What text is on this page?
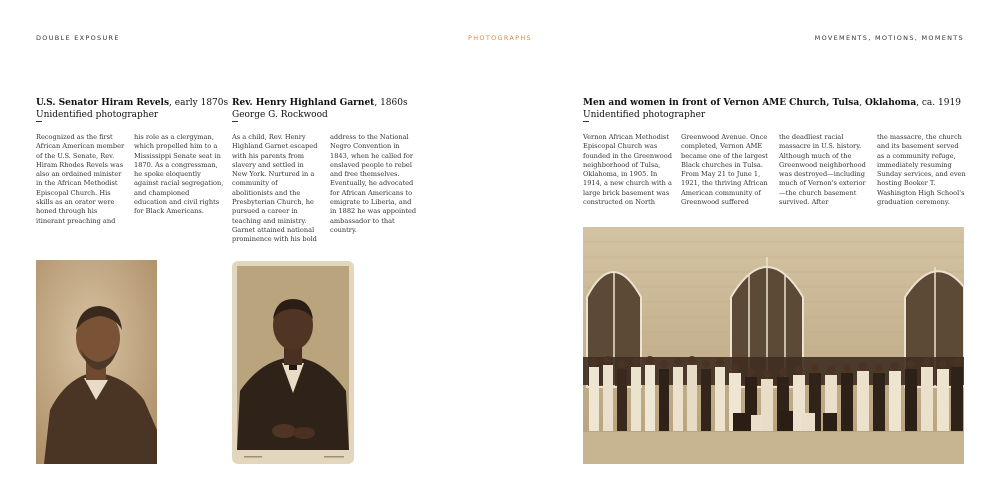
DOUBLE EXPOSURE	PHOTOGRAPHS	MOVEMENTS, MOTIONS, MOMENTS
U.S. Senator Hiram Revels, early 1870s
Unidentified photographer

Recognized as the first African American member of the U.S. Senate, Rev. Hiram Rhodes Revels was also an ordained minister in the African Methodist Episcopal Church. His skills as an orator were honed through his itinerant preaching and

his role as a clergyman, which propelled him to a Mississippi Senate seat in 1870. As a congressman, he spoke eloquently against racial segregation, and championed education and civil rights for Black Americans.

Rev. Henry Highland Garnet, 1860s
George G. Rockwood

As a child, Rev. Henry Highland Garnet escaped with his parents from slavery and settled in New York. Nurtured in a community of abolitionists and the Presbyterian Church, he pursued a career in teaching and ministry. Garnet attained national prominence with his bold

address to the National Negro Convention in 1843, when he called for enslaved people to rebel and free themselves. Eventually, he advocated for African Americans to emigrate to Liberia, and in 1882 he was appointed ambassador to that country.

Men and women in front of Vernon AME Church, Tulsa, Oklahoma, ca. 1919
Unidentified photographer

Vernon African Methodist Episcopal Church was founded in the Greenwood neighborhood of Tulsa, Oklahoma, in 1905. In 1914, a new church with a large brick basement was constructed on North

Greenwood Avenue. Once completed, Vernon AME became one of the largest Black churches in Tulsa. From May 21 to June 1, 1921, the thriving African American community of Greenwood suffered

the deadliest racial massacre in U.S. history. Although much of the Greenwood neighborhood was destroyed—including much of Vernon's exterior—the church basement survived. After

the massacre, the church and its basement served as a community refuge, immediately resuming Sunday services, and even hosting Booker T. Washington High School's graduation ceremony.
